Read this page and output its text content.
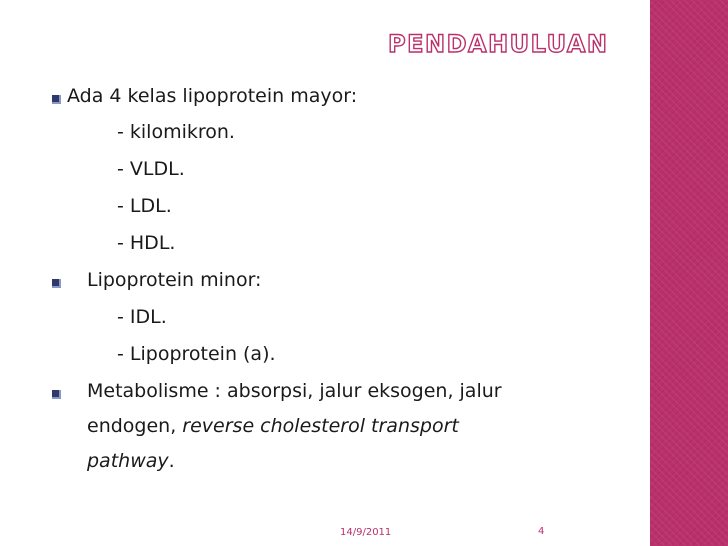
PENDAHULUAN
Ada 4 kelas lipoprotein mayor:
- kilomikron.
- VLDL.
- LDL.
- HDL.
Lipoprotein minor:
- IDL.
- Lipoprotein (a).
Metabolisme : absorpsi, jalur eksogen, jalur
endogen, reverse cholesterol transport
pathway.
14/9/2011	4
